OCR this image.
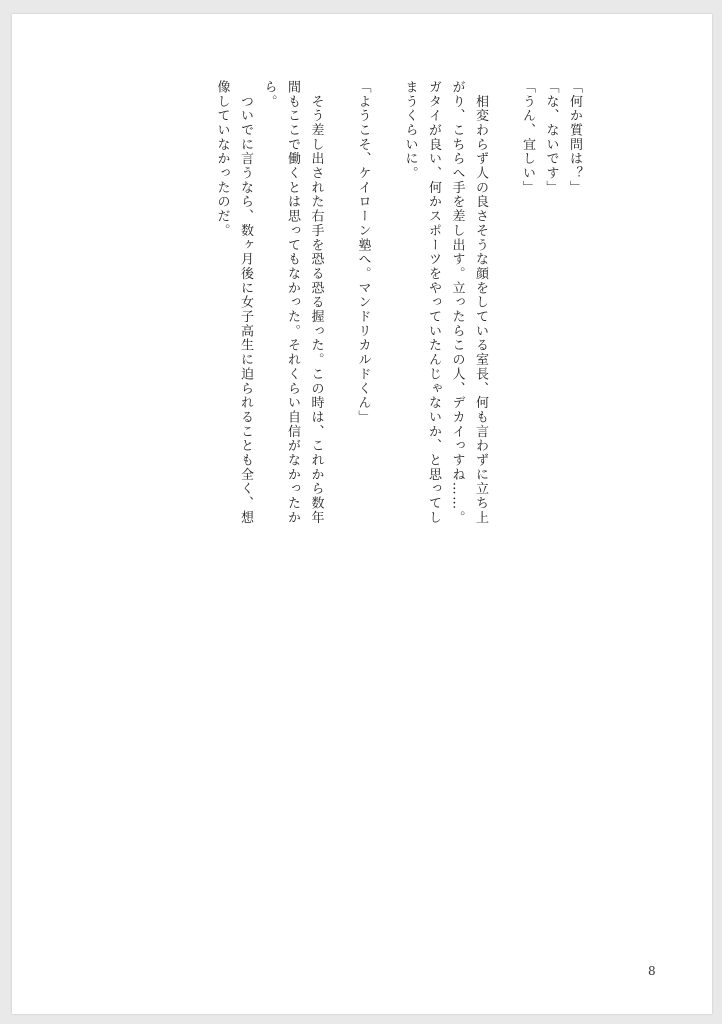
「何か質問は？」
「な、ないです」
「うん、宜しい」
　相変わらず人の良さそうな顔をしている室長、何も言わずに立ち上
がり、こちらへ手を差し出す。立ったらこの人、デカイっすね……。
ガタイが良い、何かスポーツをやっていたんじゃないか、と思ってし
まうくらいに。
「ようこそ、ケイローン塾へ。マンドリカルドくん」
　そう差し出された右手を恐る恐る握った。この時は、これから数年
間もここで働くとは思ってもなかった。それくらい自信がなかったか
ら。
　ついでに言うなら、数ヶ月後に女子高生に迫られることも全く、想
像していなかったのだ。
8
